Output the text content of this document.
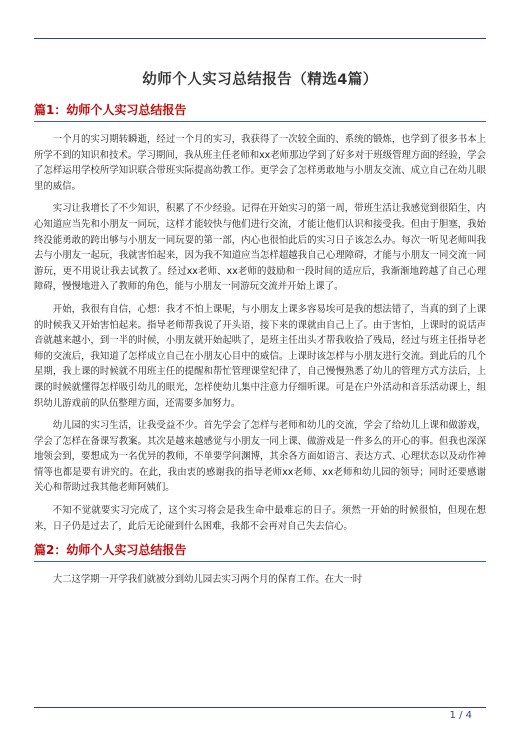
幼师个人实习总结报告（精选4篇）
篇1：幼师个人实习总结报告

一个月的实习期转瞬逝，经过一个月的实习，我获得了一次较全面的、系统的锻炼，也学到了很多书本上所学不到的知识和技术。学习期间，我从班主任老师和xx老师那边学到了好多对于班级管理方面的经验，学会了怎样运用学校所学知识联合带班实际提高幼教工作。更学会了怎样勇敢地与小朋友交流、成立自己在幼儿眼里的威信。

实习让我增长了不少知识，积累了不少经验。记得在开始实习的第一周，带班生活让我感觉到很陌生，内心知道应当先和小朋友一同玩，这样才能较快与他们进行交流，才能让他们认识和接受我。但由于胆塞，我始终没能勇敢的跨出够与小朋友一同玩耍的第一部，内心也很怕此后的实习日子该怎么办。每次一听见老师叫我去与小朋友一起玩，我就害怕起来，因为我不知道应当怎样超越我自己心理障碍，才能与小朋友一同交流一同游玩，更不用说让我去试教了。经过xx老师、xx老师的鼓励和一段时间的适应后，我渐渐地跨越了自己心理障碍，慢慢地进入了教师的角色，能与小朋友一同游玩交流并开始上课了。

开始，我很有自信，心想：我才不怕上课呢，与小朋友上课多容易埃可是我的想法错了，当真的到了上课的时候我又开始害怕起来。指导老师帮我说了开头语，接下来的课就由自己上了。由于害怕，上课时的说话声音就越来越小，到一半的时候，小朋友就开始起哄了，是班主任出头才帮我收拾了残局，经过与班主任指导老师的交流后，我知道了怎样成立自己在小朋友心目中的威信。上课时该怎样与小朋友进行交流。到此后的几个星期，我上课的时候就不用班主任的提醒和帮忙管理课堂纪律了，自己慢慢熟悉了幼儿的管理方式方法后，上课的时候就懂得怎样吸引幼儿的眼光，怎样使幼儿集中注意力仔细听课。可是在户外活动和音乐活动课上，组织幼儿游戏前的队伍整理方面，还需要多加努力。

幼儿园的实习生活，让我受益不少。首先学会了怎样与老师和幼儿的交流，学会了给幼儿上课和做游戏，学会了怎样在备课写教案。其次是越来越感觉与小朋友一同上课、做游戏是一件多么的开心的事。但我也深深地领会到，要想成为一名优异的教师，不单要学问渊博，其余各方面如语言、表达方式、心理状态以及动作神情等也都是要有讲究的。在此，我由衷的感谢我的指导老师xx老师、xx老师和幼儿园的领导；同时还要感谢关心和帮助过我其他老师阿姨们。

不知不觉就要实习完成了，这个实习将会是我生命中最难忘的日子。须然一开始的时候很怕，但现在想来，日子仍是过去了，此后无论碰到什么困难，我都不会再对自己失去信心。

篇2：幼师个人实习总结报告

大二这学期一开学我们就被分到幼儿园去实习两个月的保育工作。在大一时

1 / 4
